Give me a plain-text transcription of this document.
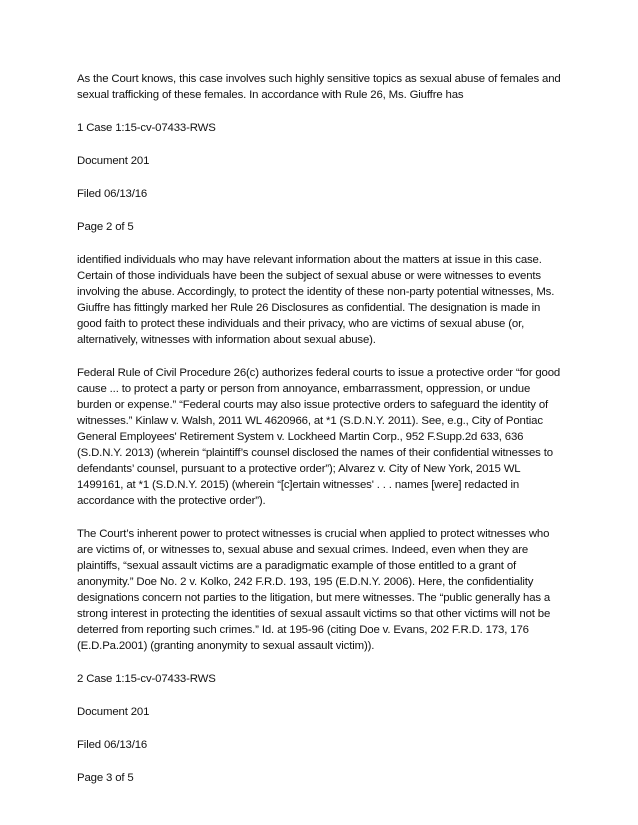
As the Court knows, this case involves such highly sensitive topics as sexual abuse of females and sexual trafficking of these females. In accordance with Rule 26, Ms. Giuffre has

1 Case 1:15-cv-07433-RWS

Document 201

Filed 06/13/16

Page 2 of 5

identified individuals who may have relevant information about the matters at issue in this case. Certain of those individuals have been the subject of sexual abuse or were witnesses to events involving the abuse. Accordingly, to protect the identity of these non-party potential witnesses, Ms. Giuffre has fittingly marked her Rule 26 Disclosures as confidential. The designation is made in good faith to protect these individuals and their privacy, who are victims of sexual abuse (or, alternatively, witnesses with information about sexual abuse).

Federal Rule of Civil Procedure 26(c) authorizes federal courts to issue a protective order “for good cause ... to protect a party or person from annoyance, embarrassment, oppression, or undue burden or expense.” “Federal courts may also issue protective orders to safeguard the identity of witnesses.” Kinlaw v. Walsh, 2011 WL 4620966, at *1 (S.D.N.Y. 2011). See, e.g., City of Pontiac General Employees' Retirement System v. Lockheed Martin Corp., 952 F.Supp.2d 633, 636 (S.D.N.Y. 2013) (wherein “plaintiff’s counsel disclosed the names of their confidential witnesses to defendants’ counsel, pursuant to a protective order”); Alvarez v. City of New York, 2015 WL 1499161, at *1 (S.D.N.Y. 2015) (wherein “[c]ertain witnesses' . . . names [were] redacted in accordance with the protective order”).

The Court’s inherent power to protect witnesses is crucial when applied to protect witnesses who are victims of, or witnesses to, sexual abuse and sexual crimes. Indeed, even when they are plaintiffs, “sexual assault victims are a paradigmatic example of those entitled to a grant of anonymity.” Doe No. 2 v. Kolko, 242 F.R.D. 193, 195 (E.D.N.Y. 2006). Here, the confidentiality designations concern not parties to the litigation, but mere witnesses. The “public generally has a strong interest in protecting the identities of sexual assault victims so that other victims will not be deterred from reporting such crimes.” Id. at 195-96 (citing Doe v. Evans, 202 F.R.D. 173, 176 (E.D.Pa.2001) (granting anonymity to sexual assault victim)).

2 Case 1:15-cv-07433-RWS

Document 201

Filed 06/13/16

Page 3 of 5
